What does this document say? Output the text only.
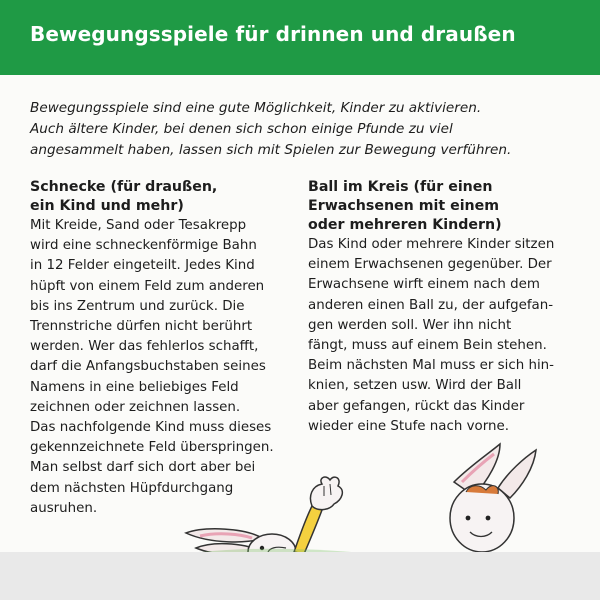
Bewegungsspiele für drinnen und draußen
Bewegungsspiele sind eine gute Möglichkeit, Kinder zu aktivieren.
Auch ältere Kinder, bei denen sich schon einige Pfunde zu viel
angesammelt haben, lassen sich mit Spielen zur Bewegung verführen.
Schnecke (für draußen,
ein Kind und mehr)

Mit Kreide, Sand oder Tesakrepp
wird eine schneckenförmige Bahn
in 12 Felder eingeteilt. Jedes Kind
hüpft von einem Feld zum anderen
bis ins Zentrum und zurück. Die
Trennstriche dürfen nicht berührt
werden. Wer das fehlerlos schafft,
darf die Anfangsbuchstaben seines
Namens in eine beliebiges Feld
zeichnen oder zeichnen lassen.
Das nachfolgende Kind muss dieses
gekennzeichnete Feld überspringen.
Man selbst darf sich dort aber bei
dem nächsten Hüpfdurchgang
ausruhen.

Ball im Kreis (für einen
Erwachsenen mit einem
oder mehreren Kindern)

Das Kind oder mehrere Kinder sitzen
einem Erwachsenen gegenüber. Der
Erwachsene wirft einem nach dem
anderen einen Ball zu, der aufgefan-
gen werden soll. Wer ihn nicht
fängt, muss auf einem Bein stehen.
Beim nächsten Mal muss er sich hin-
knien, setzen usw. Wird der Ball
aber gefangen, rückt das Kinder
wieder eine Stufe nach vorne.
